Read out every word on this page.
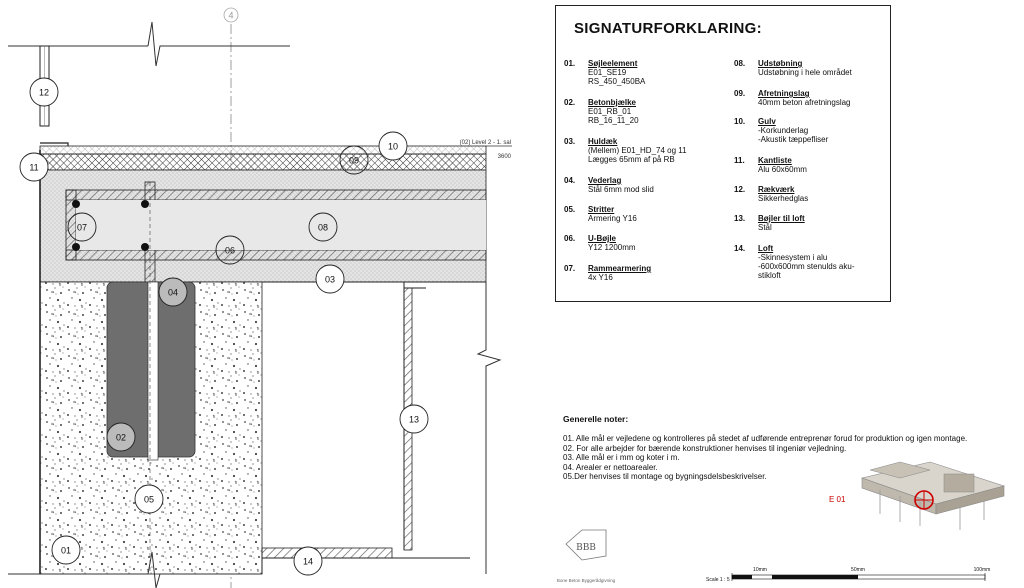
4
(02) Level 2 - 1. sal
3600
12
11
10
09
07	08
06
03
04
02
13
05
01
14
BBB
Bone Beton Byggerådgivning
E 01
Scale 1 : 5
10mm	50mm	100mm
SIGNATURFORKLARING:
01. Søjleelement
E01_SE19
RS_450_450BA
02. Betonbjælke
E01_RB_01
RB_16_11_20
03. Huldæk
(Mellem) E01_HD_74 og 11
Lægges 65mm af på RB
04. Vederlag
Stål 6mm mod slid
05. Stritter
Armering Y16
06. U-Bøjle
Y12 1200mm
07. Rammearmering
4x Y16
08. Udstøbning
Udstøbning i hele området
09. Afretningslag
40mm beton afretningslag
10. Gulv
-Korkunderlag
-Akustik tæppefliser
11. Kantliste
Alu 60x60mm
12. Rækværk
Sikkerhedglas
13. Bøjler til loft
Stål
14. Loft
-Skinnesystem i alu
-600x600mm stenulds aku-
stikloft
Generelle noter:
01. Alle mål er vejledene og kontrolleres på stedet af udførende entreprenør forud for produktion og igen montage.
02. For alle arbejder for bærende konstruktioner henvises til ingeniør vejledning.
03. Alle mål er i mm og koter i m.
04. Arealer er nettoarealer.
05.Der henvises til montage og bygningsdelsbeskrivelser.
